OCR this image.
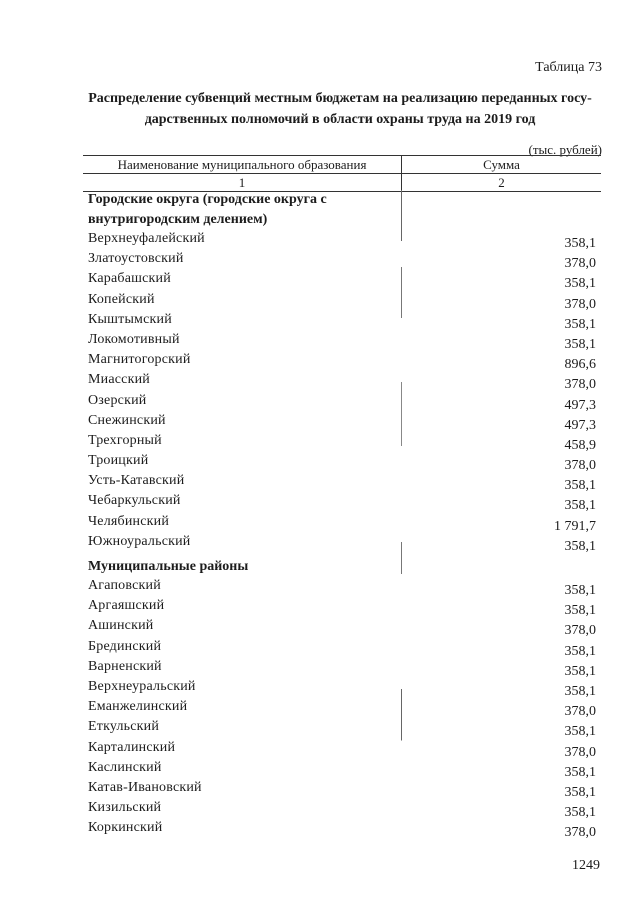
Таблица 73
Распределение субвенций местным бюджетам на реализацию переданных госу-дарственных полномочий в области охраны труда на 2019 год
(тыс. рублей)
Наименование муниципального образования	Сумма
1	2
Городские округа (городские округа с внутригородским делением)
Верхнеуфалейский	358,1
Златоустовский	378,0
Карабашский	358,1
Копейский	378,0
Кыштымский	358,1
Локомотивный	358,1
Магнитогорский	896,6
Миасский	378,0
Озерский	497,3
Снежинский	497,3
Трехгорный	458,9
Троицкий	378,0
Усть-Катавский	358,1
Чебаркульский	358,1
Челябинский	1 791,7
Южноуральский	358,1
Муниципальные районы
Агаповский	358,1
Аргаяшский	358,1
Ашинский	378,0
Брединский	358,1
Варненский	358,1
Верхнеуральский	358,1
Еманжелинский	378,0
Еткульский	358,1
Карталинский	378,0
Каслинский	358,1
Катав-Ивановский	358,1
Кизильский	358,1
Коркинский	378,0
1249
